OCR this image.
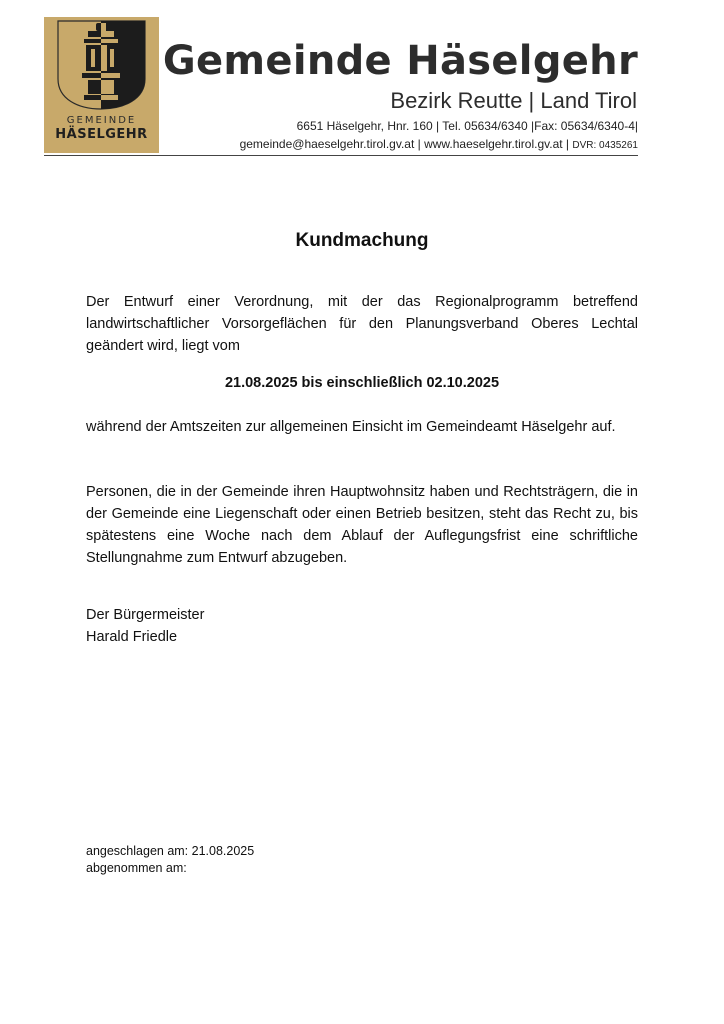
GEMEINDE
HÄSELGEHR
Gemeinde Häselgehr
Bezirk Reutte | Land Tirol
6651 Häselgehr, Hnr. 160 | Tel. 05634/6340 |Fax: 05634/6340-4|
gemeinde@haeselgehr.tirol.gv.at | www.haeselgehr.tirol.gv.at | DVR: 0435261
Kundmachung
Der Entwurf einer Verordnung, mit der das Regionalprogramm betreffend landwirtschaftlicher Vorsorgeflächen für den Planungsverband Oberes Lechtal geändert wird, liegt vom
21.08.2025 bis einschließlich 02.10.2025
während der Amtszeiten zur allgemeinen Einsicht im Gemeindeamt Häselgehr auf.
Personen, die in der Gemeinde ihren Hauptwohnsitz haben und Rechtsträgern, die in der Gemeinde eine Liegenschaft oder einen Betrieb besitzen, steht das Recht zu, bis spätestens eine Woche nach dem Ablauf der Auflegungsfrist eine schriftliche Stellungnahme zum Entwurf abzugeben.
Der Bürgermeister
Harald Friedle
angeschlagen am: 21.08.2025
abgenommen am:
